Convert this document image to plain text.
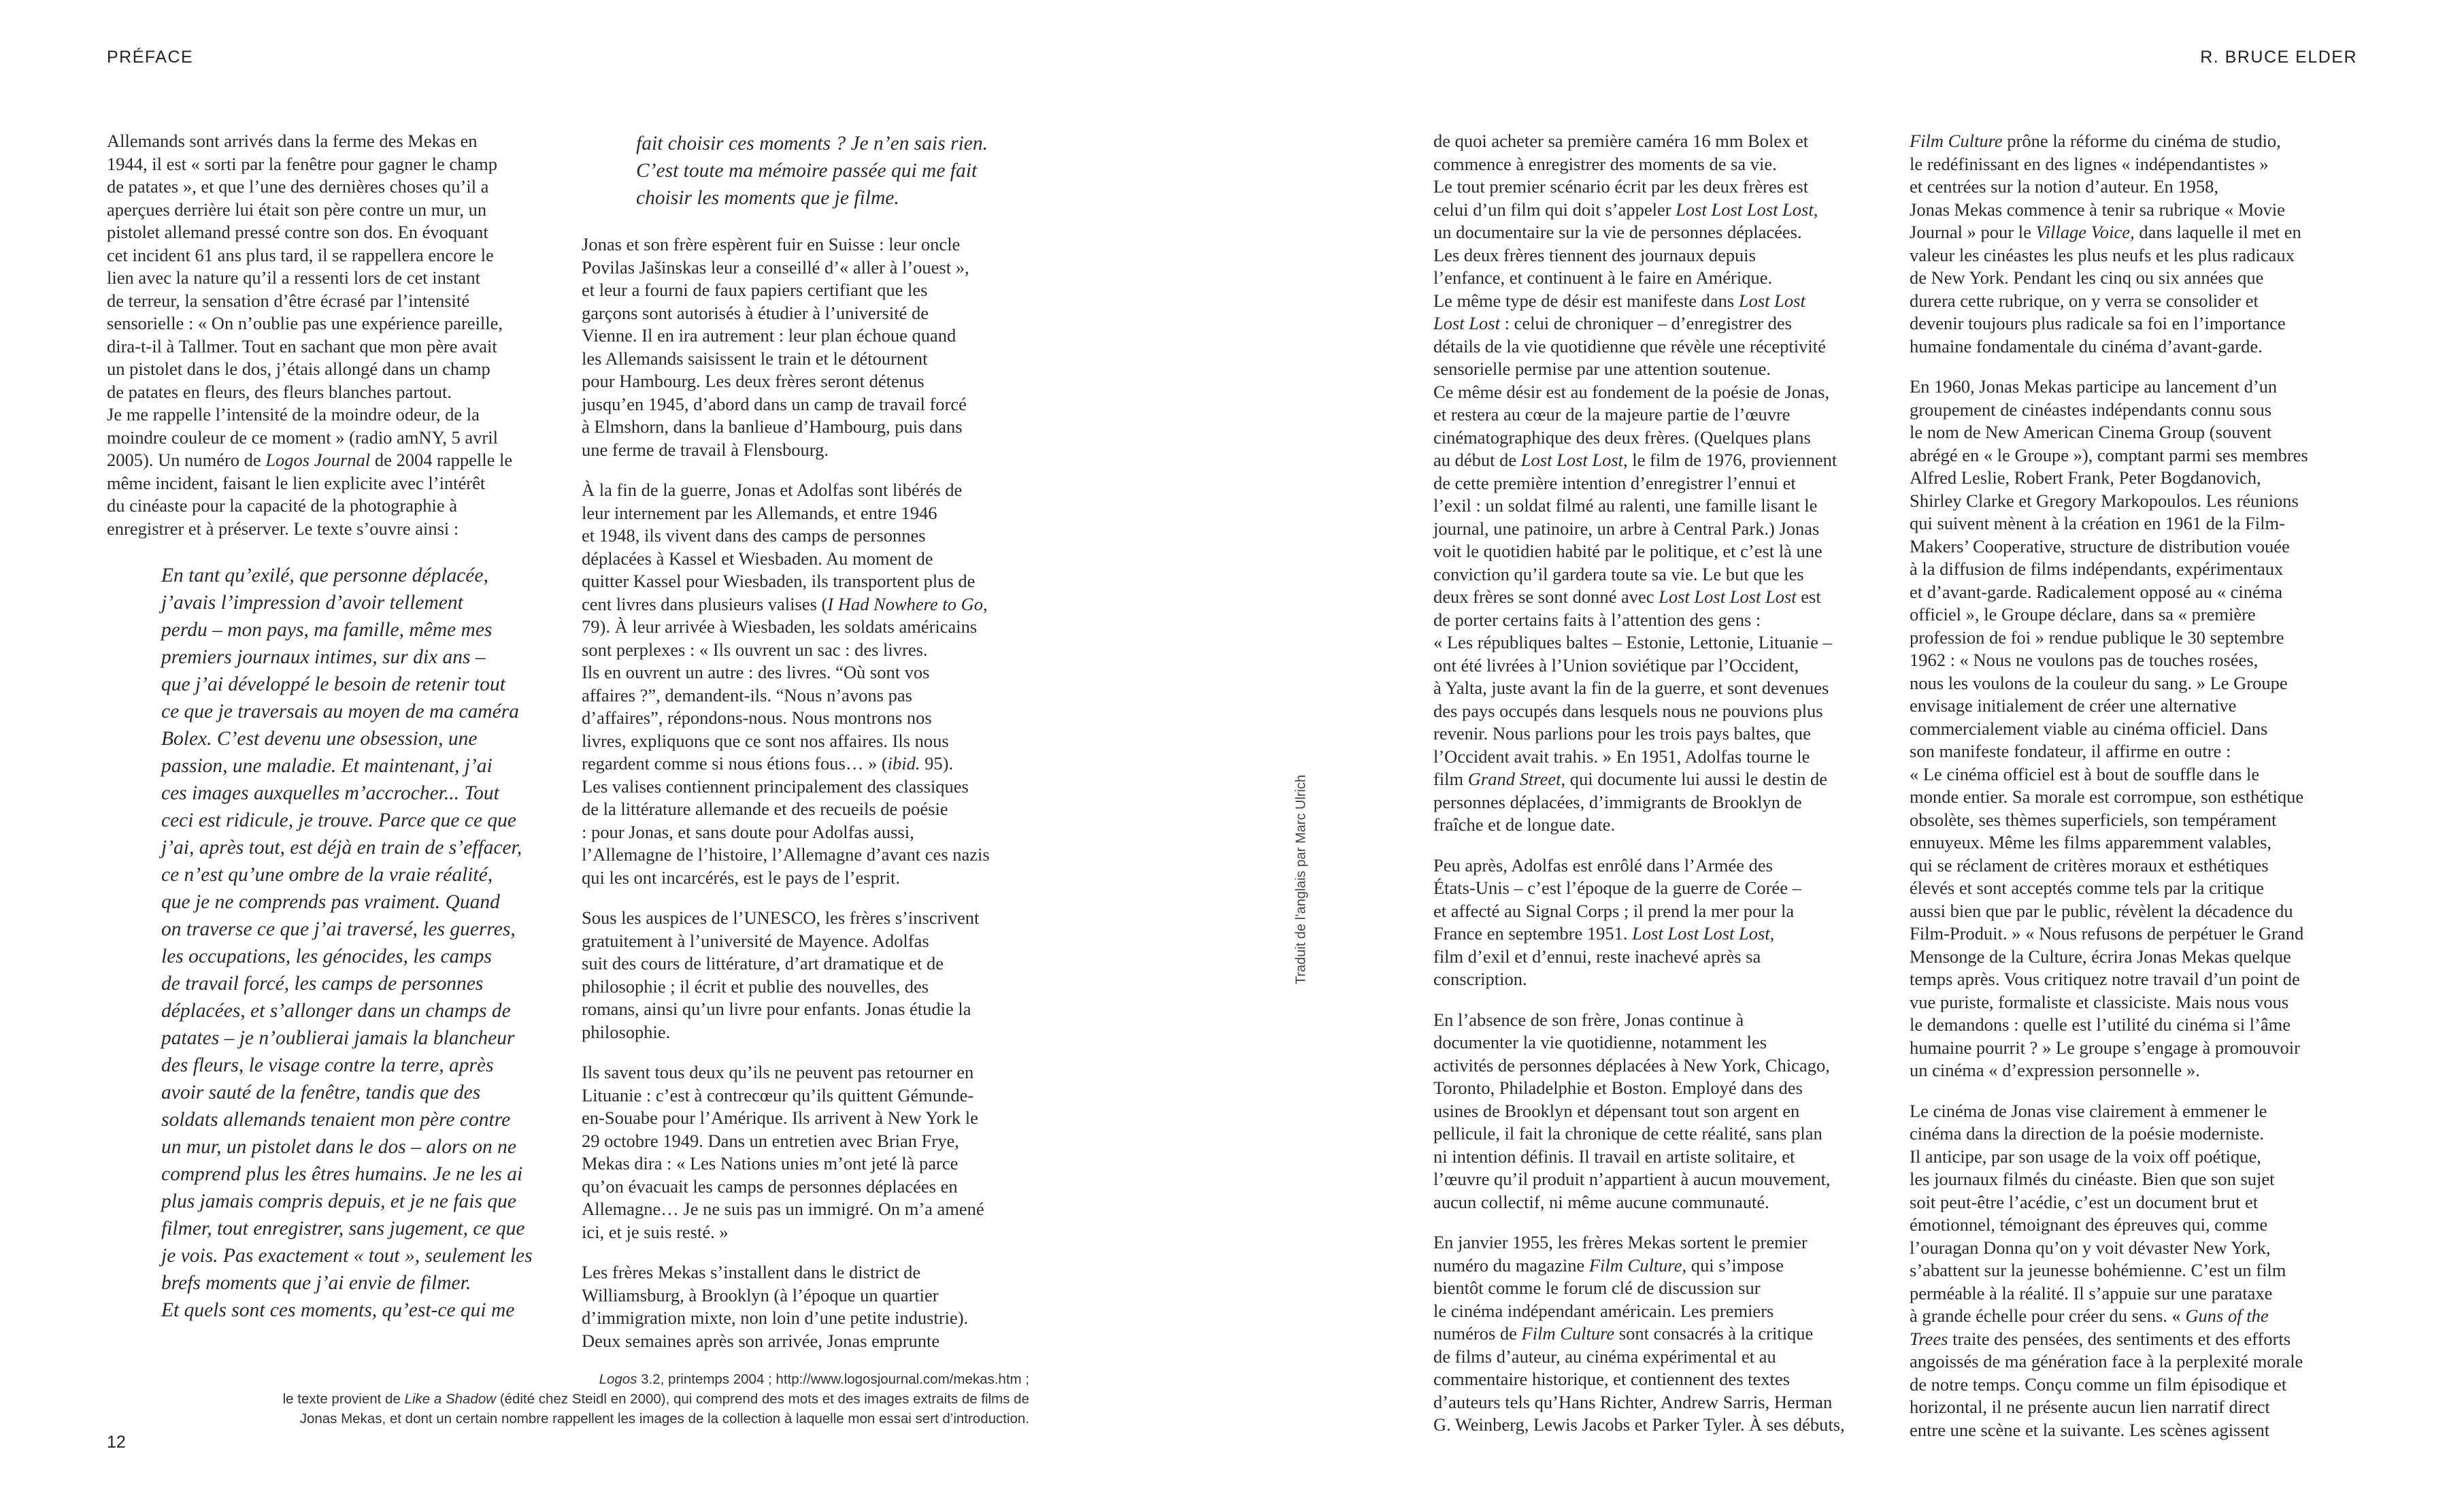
PRÉFACE	R. BRUCE ELDER
Allemands sont arrivés dans la ferme des Mekas en
1944, il est « sorti par la fenêtre pour gagner le champ
de patates », et que l’une des dernières choses qu’il a
aperçues derrière lui était son père contre un mur, un
pistolet allemand pressé contre son dos. En évoquant
cet incident 61 ans plus tard, il se rappellera encore le
lien avec la nature qu’il a ressenti lors de cet instant
de terreur, la sensation d’être écrasé par l’intensité
sensorielle : « On n’oublie pas une expérience pareille,
dira-t-il à Tallmer. Tout en sachant que mon père avait
un pistolet dans le dos, j’étais allongé dans un champ
de patates en fleurs, des fleurs blanches partout.
Je me rappelle l’intensité de la moindre odeur, de la
moindre couleur de ce moment » (radio amNY, 5 avril
2005). Un numéro de Logos Journal de 2004 rappelle le
même incident, faisant le lien explicite avec l’intérêt
du cinéaste pour la capacité de la photographie à
enregistrer et à préserver. Le texte s’ouvre ainsi :
En tant qu’exilé, que personne déplacée,
j’avais l’impression d’avoir tellement
perdu – mon pays, ma famille, même mes
premiers journaux intimes, sur dix ans –
que j’ai développé le besoin de retenir tout
ce que je traversais au moyen de ma caméra
Bolex. C’est devenu une obsession, une
passion, une maladie. Et maintenant, j’ai
ces images auxquelles m’accrocher... Tout
ceci est ridicule, je trouve. Parce que ce que
j’ai, après tout, est déjà en train de s’effacer,
ce n’est qu’une ombre de la vraie réalité,
que je ne comprends pas vraiment. Quand
on traverse ce que j’ai traversé, les guerres,
les occupations, les génocides, les camps
de travail forcé, les camps de personnes
déplacées, et s’allonger dans un champs de
patates – je n’oublierai jamais la blancheur
des fleurs, le visage contre la terre, après
avoir sauté de la fenêtre, tandis que des
soldats allemands tenaient mon père contre
un mur, un pistolet dans le dos – alors on ne
comprend plus les êtres humains. Je ne les ai
plus jamais compris depuis, et je ne fais que
filmer, tout enregistrer, sans jugement, ce que
je vois. Pas exactement « tout », seulement les
brefs moments que j’ai envie de filmer.
Et quels sont ces moments, qu’est-ce qui me
fait choisir ces moments ? Je n’en sais rien.
C’est toute ma mémoire passée qui me fait
choisir les moments que je filme.
Jonas et son frère espèrent fuir en Suisse : leur oncle
Povilas Jašinskas leur a conseillé d’« aller à l’ouest »,
et leur a fourni de faux papiers certifiant que les
garçons sont autorisés à étudier à l’université de
Vienne. Il en ira autrement : leur plan échoue quand
les Allemands saisissent le train et le détournent
pour Hambourg. Les deux frères seront détenus
jusqu’en 1945, d’abord dans un camp de travail forcé
à Elmshorn, dans la banlieue d’Hambourg, puis dans
une ferme de travail à Flensbourg.
À la fin de la guerre, Jonas et Adolfas sont libérés de
leur internement par les Allemands, et entre 1946
et 1948, ils vivent dans des camps de personnes
déplacées à Kassel et Wiesbaden. Au moment de
quitter Kassel pour Wiesbaden, ils transportent plus de
cent livres dans plusieurs valises (I Had Nowhere to Go,
79). À leur arrivée à Wiesbaden, les soldats américains
sont perplexes : « Ils ouvrent un sac : des livres.
Ils en ouvrent un autre : des livres. “Où sont vos
affaires ?”, demandent-ils. “Nous n’avons pas
d’affaires”, répondons-nous. Nous montrons nos
livres, expliquons que ce sont nos affaires. Ils nous
regardent comme si nous étions fous… » (ibid. 95).
Les valises contiennent principalement des classiques
de la littérature allemande et des recueils de poésie
: pour Jonas, et sans doute pour Adolfas aussi,
l’Allemagne de l’histoire, l’Allemagne d’avant ces nazis
qui les ont incarcérés, est le pays de l’esprit.
Sous les auspices de l’UNESCO, les frères s’inscrivent
gratuitement à l’université de Mayence. Adolfas
suit des cours de littérature, d’art dramatique et de
philosophie ; il écrit et publie des nouvelles, des
romans, ainsi qu’un livre pour enfants. Jonas étudie la
philosophie.
Ils savent tous deux qu’ils ne peuvent pas retourner en
Lituanie : c’est à contrecœur qu’ils quittent Gémunde-
en-Souabe pour l’Amérique. Ils arrivent à New York le
29 octobre 1949. Dans un entretien avec Brian Frye,
Mekas dira : « Les Nations unies m’ont jeté là parce
qu’on évacuait les camps de personnes déplacées en
Allemagne… Je ne suis pas un immigré. On m’a amené
ici, et je suis resté. »
Les frères Mekas s’installent dans le district de
Williamsburg, à Brooklyn (à l’époque un quartier
d’immigration mixte, non loin d’une petite industrie).
Deux semaines après son arrivée, Jonas emprunte
de quoi acheter sa première caméra 16 mm Bolex et
commence à enregistrer des moments de sa vie.
Le tout premier scénario écrit par les deux frères est
celui d’un film qui doit s’appeler Lost Lost Lost Lost,
un documentaire sur la vie de personnes déplacées.
Les deux frères tiennent des journaux depuis
l’enfance, et continuent à le faire en Amérique.
Le même type de désir est manifeste dans Lost Lost
Lost Lost : celui de chroniquer – d’enregistrer des
détails de la vie quotidienne que révèle une réceptivité
sensorielle permise par une attention soutenue.
Ce même désir est au fondement de la poésie de Jonas,
et restera au cœur de la majeure partie de l’œuvre
cinématographique des deux frères. (Quelques plans
au début de Lost Lost Lost, le film de 1976, proviennent
de cette première intention d’enregistrer l’ennui et
l’exil : un soldat filmé au ralenti, une famille lisant le
journal, une patinoire, un arbre à Central Park.) Jonas
voit le quotidien habité par le politique, et c’est là une
conviction qu’il gardera toute sa vie. Le but que les
deux frères se sont donné avec Lost Lost Lost Lost est
de porter certains faits à l’attention des gens :
« Les républiques baltes – Estonie, Lettonie, Lituanie –
ont été livrées à l’Union soviétique par l’Occident,
à Yalta, juste avant la fin de la guerre, et sont devenues
des pays occupés dans lesquels nous ne pouvions plus
revenir. Nous parlions pour les trois pays baltes, que
l’Occident avait trahis. » En 1951, Adolfas tourne le
film Grand Street, qui documente lui aussi le destin de
personnes déplacées, d’immigrants de Brooklyn de
fraîche et de longue date.
Peu après, Adolfas est enrôlé dans l’Armée des
États-Unis – c’est l’époque de la guerre de Corée –
et affecté au Signal Corps ; il prend la mer pour la
France en septembre 1951. Lost Lost Lost Lost,
film d’exil et d’ennui, reste inachevé après sa
conscription.
En l’absence de son frère, Jonas continue à
documenter la vie quotidienne, notamment les
activités de personnes déplacées à New York, Chicago,
Toronto, Philadelphie et Boston. Employé dans des
usines de Brooklyn et dépensant tout son argent en
pellicule, il fait la chronique de cette réalité, sans plan
ni intention définis. Il travail en artiste solitaire, et
l’œuvre qu’il produit n’appartient à aucun mouvement,
aucun collectif, ni même aucune communauté.
En janvier 1955, les frères Mekas sortent le premier
numéro du magazine Film Culture, qui s’impose
bientôt comme le forum clé de discussion sur
le cinéma indépendant américain. Les premiers
numéros de Film Culture sont consacrés à la critique
de films d’auteur, au cinéma expérimental et au
commentaire historique, et contiennent des textes
d’auteurs tels qu’Hans Richter, Andrew Sarris, Herman
G. Weinberg, Lewis Jacobs et Parker Tyler. À ses débuts,
Film Culture prône la réforme du cinéma de studio,
le redéfinissant en des lignes « indépendantistes »
et centrées sur la notion d’auteur. En 1958,
Jonas Mekas commence à tenir sa rubrique « Movie
Journal » pour le Village Voice, dans laquelle il met en
valeur les cinéastes les plus neufs et les plus radicaux
de New York. Pendant les cinq ou six années que
durera cette rubrique, on y verra se consolider et
devenir toujours plus radicale sa foi en l’importance
humaine fondamentale du cinéma d’avant-garde.
En 1960, Jonas Mekas participe au lancement d’un
groupement de cinéastes indépendants connu sous
le nom de New American Cinema Group (souvent
abrégé en « le Groupe »), comptant parmi ses membres
Alfred Leslie, Robert Frank, Peter Bogdanovich,
Shirley Clarke et Gregory Markopoulos. Les réunions
qui suivent mènent à la création en 1961 de la Film-
Makers’ Cooperative, structure de distribution vouée
à la diffusion de films indépendants, expérimentaux
et d’avant-garde. Radicalement opposé au « cinéma
officiel », le Groupe déclare, dans sa « première
profession de foi » rendue publique le 30 septembre
1962 : « Nous ne voulons pas de touches rosées,
nous les voulons de la couleur du sang. » Le Groupe
envisage initialement de créer une alternative
commercialement viable au cinéma officiel. Dans
son manifeste fondateur, il affirme en outre :
« Le cinéma officiel est à bout de souffle dans le
monde entier. Sa morale est corrompue, son esthétique
obsolète, ses thèmes superficiels, son tempérament
ennuyeux. Même les films apparemment valables,
qui se réclament de critères moraux et esthétiques
élevés et sont acceptés comme tels par la critique
aussi bien que par le public, révèlent la décadence du
Film-Produit. » « Nous refusons de perpétuer le Grand
Mensonge de la Culture, écrira Jonas Mekas quelque
temps après. Vous critiquez notre travail d’un point de
vue puriste, formaliste et classiciste. Mais nous vous
le demandons : quelle est l’utilité du cinéma si l’âme
humaine pourrit ? » Le groupe s’engage à promouvoir
un cinéma « d’expression personnelle ».
Le cinéma de Jonas vise clairement à emmener le
cinéma dans la direction de la poésie moderniste.
Il anticipe, par son usage de la voix off poétique,
les journaux filmés du cinéaste. Bien que son sujet
soit peut-être l’acédie, c’est un document brut et
émotionnel, témoignant des épreuves qui, comme
l’ouragan Donna qu’on y voit dévaster New York,
s’abattent sur la jeunesse bohémienne. C’est un film
perméable à la réalité. Il s’appuie sur une parataxe
à grande échelle pour créer du sens. « Guns of the
Trees traite des pensées, des sentiments et des efforts
angoissés de ma génération face à la perplexité morale
de notre temps. Conçu comme un film épisodique et
horizontal, il ne présente aucun lien narratif direct
entre une scène et la suivante. Les scènes agissent
Traduit de l’anglais par Marc Ulrich
Logos 3.2, printemps 2004 ; http://www.logosjournal.com/mekas.htm ;
le texte provient de Like a Shadow (édité chez Steidl en 2000), qui comprend des mots et des images extraits de films de
Jonas Mekas, et dont un certain nombre rappellent les images de la collection à laquelle mon essai sert d’introduction.
12
